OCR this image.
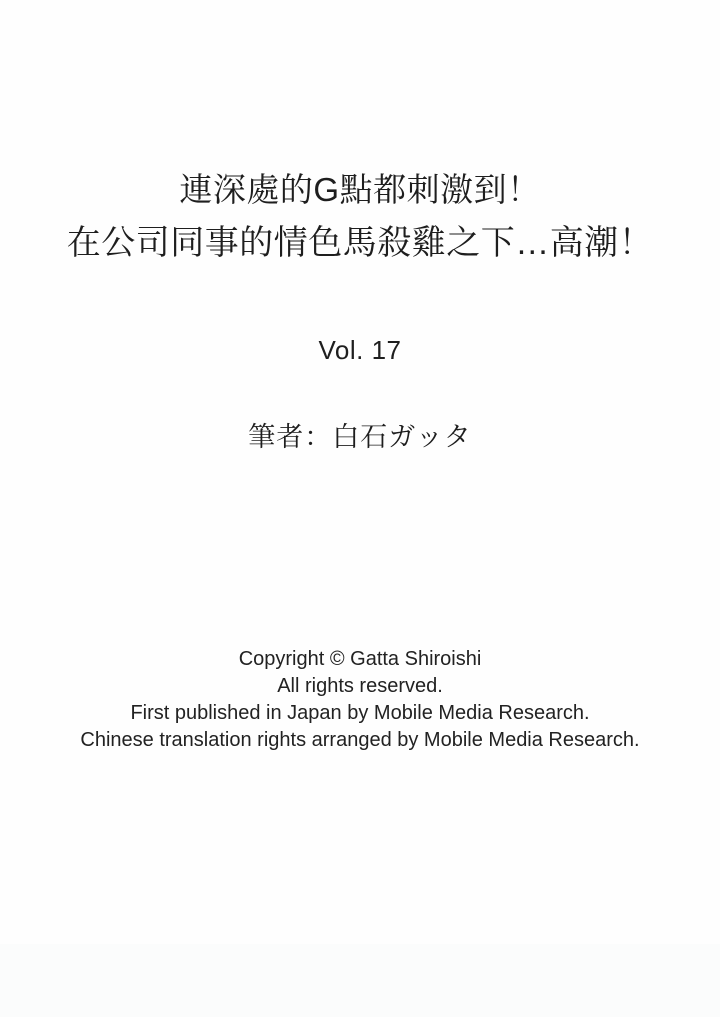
連深處的G點都刺激到！
在公司同事的情色馬殺雞之下…高潮！
Vol. 17
筆者：白石ガッタ
Copyright © Gatta Shiroishi
All rights reserved.
First published in Japan by Mobile Media Research.
Chinese translation rights arranged by Mobile Media Research.
